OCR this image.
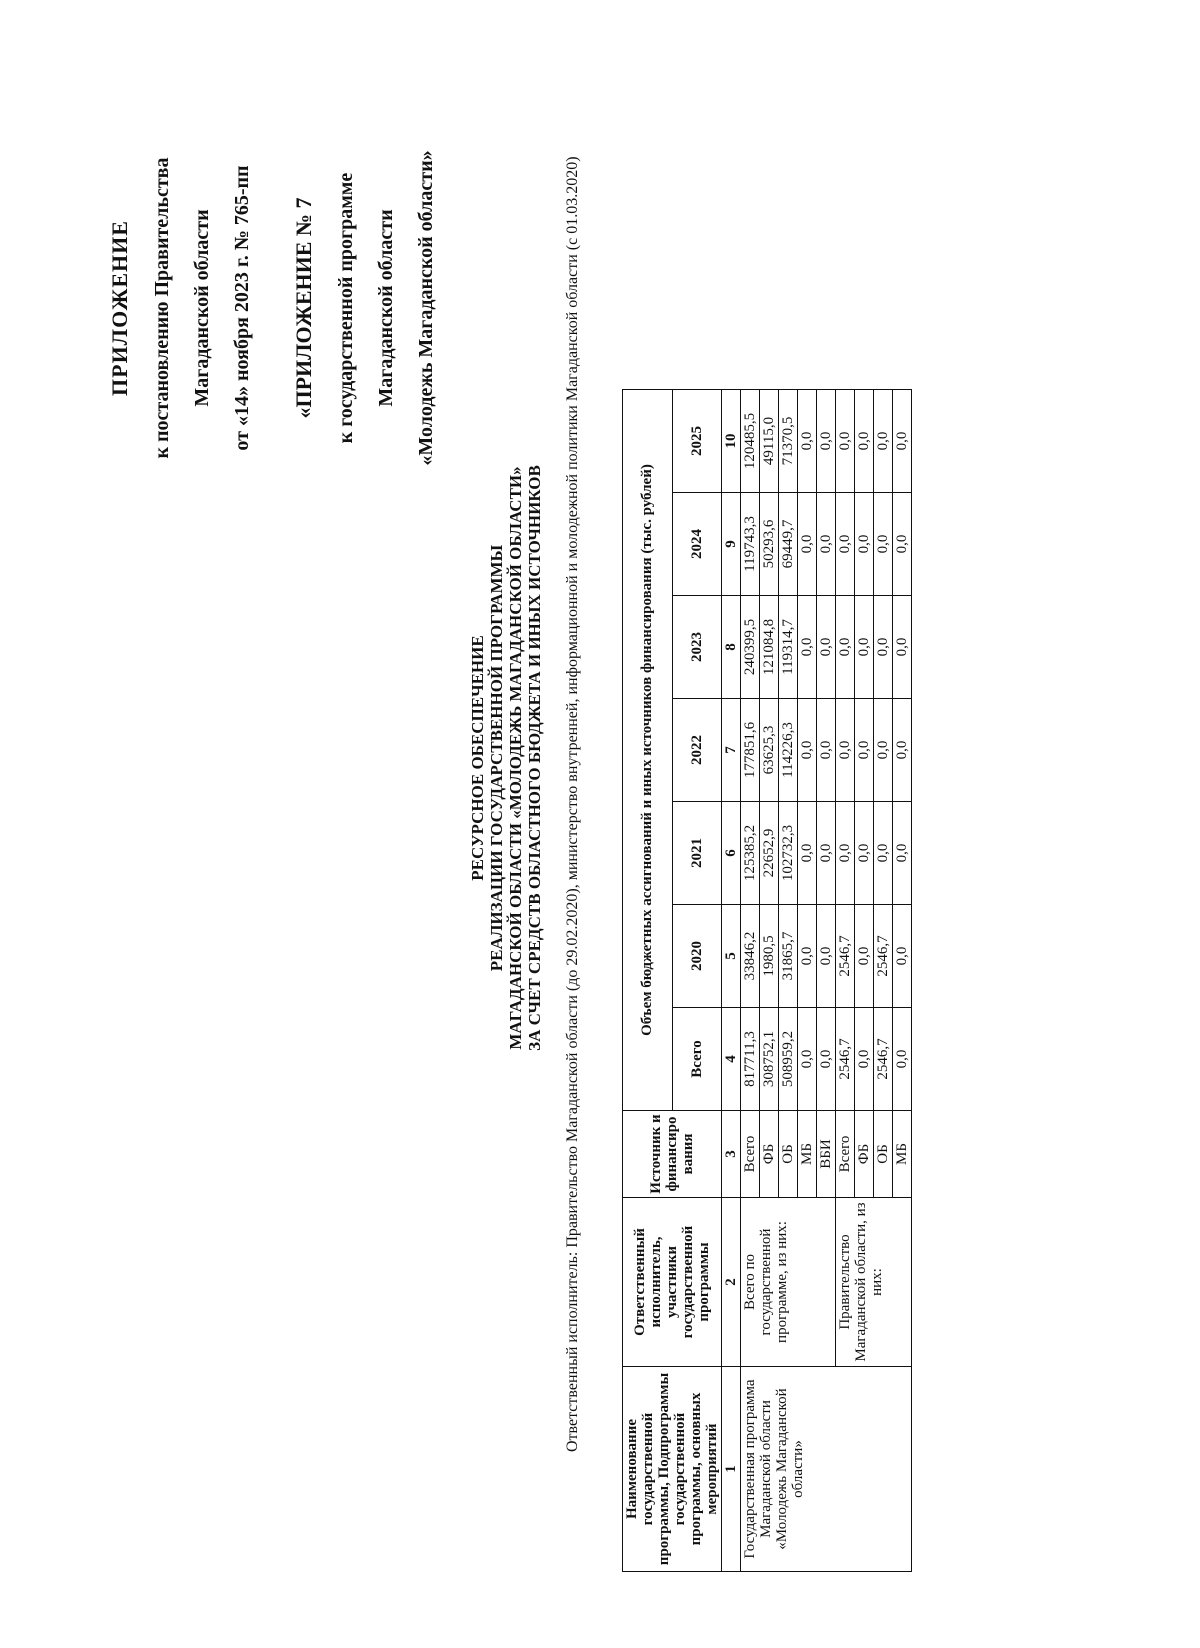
ПРИЛОЖЕНИЕ к постановлению Правительства Магаданской области от «14» ноября 2023 г. № 765-пп	«ПРИЛОЖЕНИЕ № 7 к государственной программе Магаданской области «Молодежь Магаданской области»
РЕСУРСНОЕ ОБЕСПЕЧЕНИЕ РЕАЛИЗАЦИИ ГОСУДАРСТВЕННОЙ ПРОГРАММЫ МАГАДАНСКОЙ ОБЛАСТИ «МОЛОДЕЖЬ МАГАДАНСКОЙ ОБЛАСТИ» ЗА СЧЕТ СРЕДСТВ ОБЛАСТНОГО БЮДЖЕТА И ИНЫХ ИСТОЧНИКОВ Ответственный исполнитель: Правительство Магаданской области (до 29.02.2020), министерство внутренней, информационной и молодежной политики Магаданской области (с 01.03.2020)
Наименование государственной программы, Подпрограммы государственной программы, основных мероприятий	Ответственный исполнитель, участники государственной программы	Источник и финансиро вания	Объем бюджетных ассигнований и иных источников финансирования (тыс. рублей)						
			Всего	2020	2021	2022	2023	2024	2025
1	2	3	4	5	6	7	8	9	10
Государственная программа Магаданской области «Молодежь Магаданской области»	Всего по государственной программе, из них:	Всего	817711,3	33846,2	125385,2	177851,6	240399,5	119743,3	120485,5
		ФБ	308752,1	1980,5	22652,9	63625,3	121084,8	50293,6	49115,0
		ОБ	508959,2	31865,7	102732,3	114226,3	119314,7	69449,7	71370,5
		МБ	0,0	0,0	0,0	0,0	0,0	0,0	0,0
		ВБИ	0,0	0,0	0,0	0,0	0,0	0,0	0,0
	Правительство Магаданской области, из них:	Всего	2546,7	2546,7	0,0	0,0	0,0	0,0	0,0
		ФБ	0,0	0,0	0,0	0,0	0,0	0,0	0,0
		ОБ	2546,7	2546,7	0,0	0,0	0,0	0,0	0,0
		МБ	0,0	0,0	0,0	0,0	0,0	0,0	0,0
